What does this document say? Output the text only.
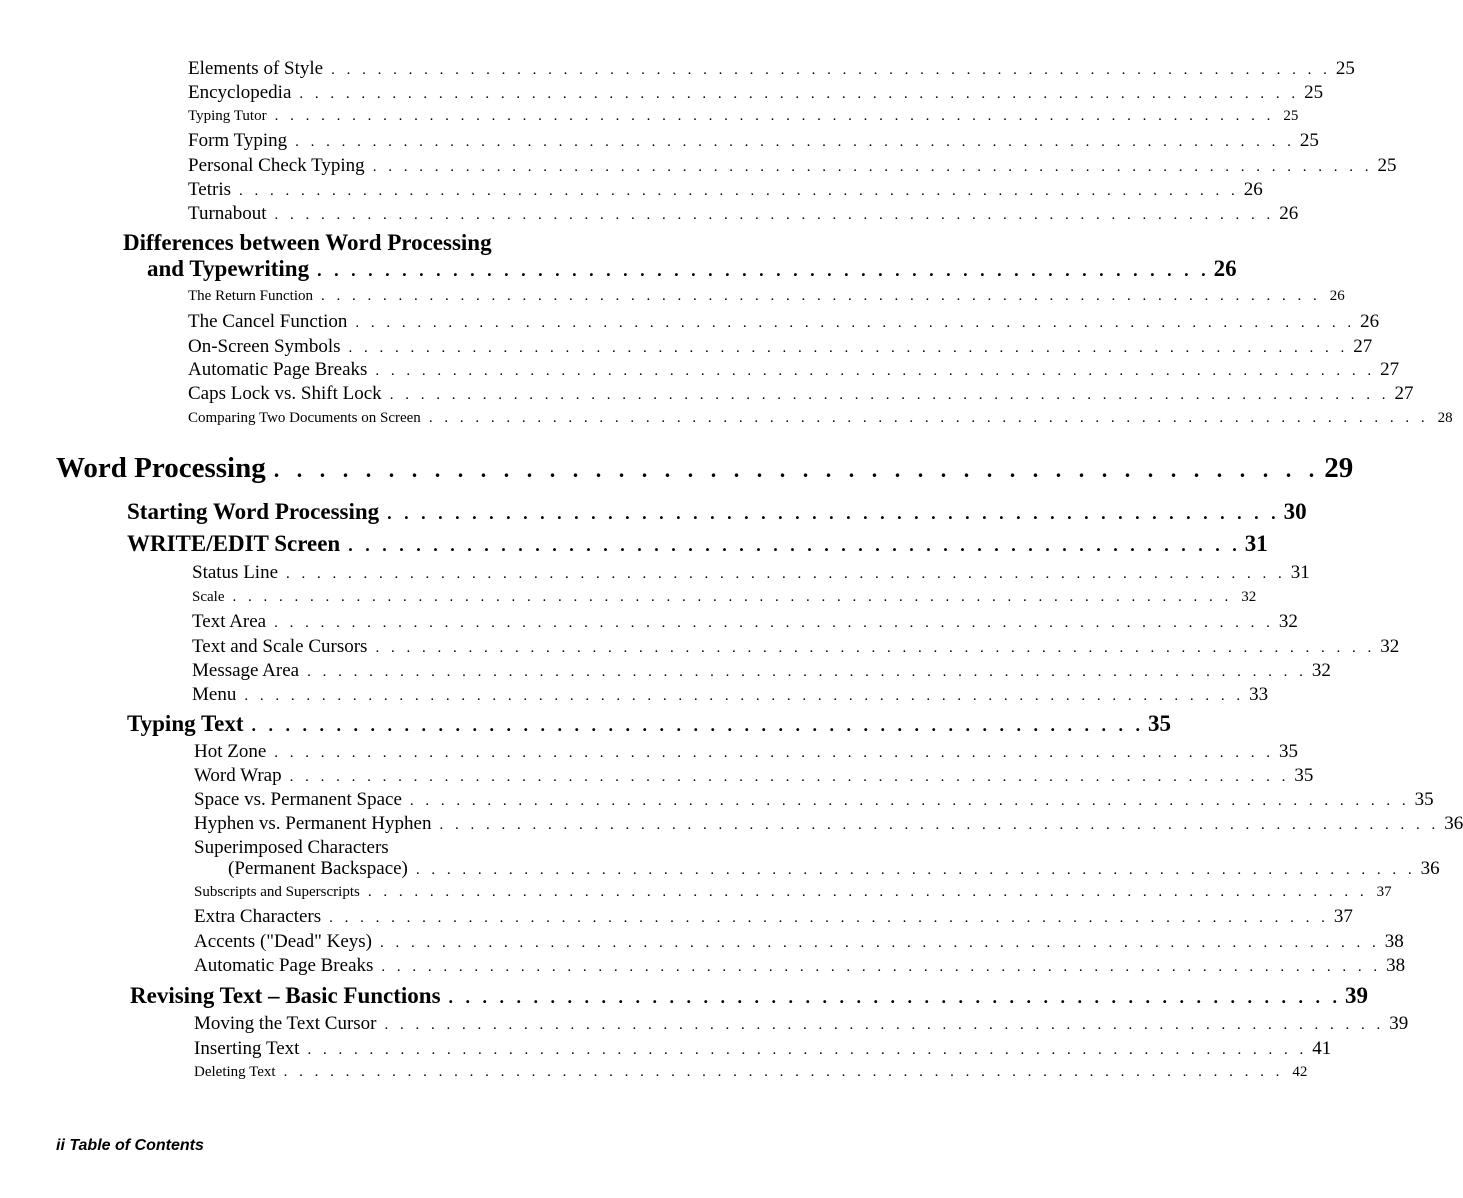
Elements of Style . . . . . . . . . . . . . . . . . . . . . . . . . . . . . . . . . . . . . . . . . . . . . . . . . . . . . . . . . . . . . . . . . 25
Encyclopedia . . . . . . . . . . . . . . . . . . . . . . . . . . . . . . . . . . . . . . . . . . . . . . . . . . . . . . . . . . . . . . . . . 25
Typing Tutor . . . . . . . . . . . . . . . . . . . . . . . . . . . . . . . . . . . . . . . . . . . . . . . . . . . . . . . . . . . . . . . . . 25
Form Typing . . . . . . . . . . . . . . . . . . . . . . . . . . . . . . . . . . . . . . . . . . . . . . . . . . . . . . . . . . . . . . . . . 25
Personal Check Typing . . . . . . . . . . . . . . . . . . . . . . . . . . . . . . . . . . . . . . . . . . . . . . . . . . . . . . . . . . . . . . . . . 25
Tetris . . . . . . . . . . . . . . . . . . . . . . . . . . . . . . . . . . . . . . . . . . . . . . . . . . . . . . . . . . . . . . . . . 26
Turnabout . . . . . . . . . . . . . . . . . . . . . . . . . . . . . . . . . . . . . . . . . . . . . . . . . . . . . . . . . . . . . . . . . 26
Differences between Word Processing
and Typewriting . . . . . . . . . . . . . . . . . . . . . . . . . . . . . . . . . . . . . . . . . . . . . . . . . . . . . 26
The Return Function . . . . . . . . . . . . . . . . . . . . . . . . . . . . . . . . . . . . . . . . . . . . . . . . . . . . . . . . . . . . . . . . . 26
The Cancel Function . . . . . . . . . . . . . . . . . . . . . . . . . . . . . . . . . . . . . . . . . . . . . . . . . . . . . . . . . . . . . . . . . 26
On-Screen Symbols . . . . . . . . . . . . . . . . . . . . . . . . . . . . . . . . . . . . . . . . . . . . . . . . . . . . . . . . . . . . . . . . . 27
Automatic Page Breaks . . . . . . . . . . . . . . . . . . . . . . . . . . . . . . . . . . . . . . . . . . . . . . . . . . . . . . . . . . . . . . . . . 27
Caps Lock vs. Shift Lock . . . . . . . . . . . . . . . . . . . . . . . . . . . . . . . . . . . . . . . . . . . . . . . . . . . . . . . . . . . . . . . . . 27
Comparing Two Documents on Screen . . . . . . . . . . . . . . . . . . . . . . . . . . . . . . . . . . . . . . . . . . . . . . . . . . . . . . . . . . . . . . . . . 28
Word Processing . . . . . . . . . . . . . . . . . . . . . . . . . . . . . . . . . . . . . . . . . . . . . . 29
Starting Word Processing . . . . . . . . . . . . . . . . . . . . . . . . . . . . . . . . . . . . . . . . . . . . . . . . . . . . . 30
WRITE/EDIT Screen . . . . . . . . . . . . . . . . . . . . . . . . . . . . . . . . . . . . . . . . . . . . . . . . . . . . . 31
Status Line . . . . . . . . . . . . . . . . . . . . . . . . . . . . . . . . . . . . . . . . . . . . . . . . . . . . . . . . . . . . . . . . . 31
Scale . . . . . . . . . . . . . . . . . . . . . . . . . . . . . . . . . . . . . . . . . . . . . . . . . . . . . . . . . . . . . . . . . 32
Text Area . . . . . . . . . . . . . . . . . . . . . . . . . . . . . . . . . . . . . . . . . . . . . . . . . . . . . . . . . . . . . . . . . 32
Text and Scale Cursors . . . . . . . . . . . . . . . . . . . . . . . . . . . . . . . . . . . . . . . . . . . . . . . . . . . . . . . . . . . . . . . . . 32
Message Area . . . . . . . . . . . . . . . . . . . . . . . . . . . . . . . . . . . . . . . . . . . . . . . . . . . . . . . . . . . . . . . . . 32
Menu . . . . . . . . . . . . . . . . . . . . . . . . . . . . . . . . . . . . . . . . . . . . . . . . . . . . . . . . . . . . . . . . . 33
Typing Text . . . . . . . . . . . . . . . . . . . . . . . . . . . . . . . . . . . . . . . . . . . . . . . . . . . . . 35
Hot Zone . . . . . . . . . . . . . . . . . . . . . . . . . . . . . . . . . . . . . . . . . . . . . . . . . . . . . . . . . . . . . . . . . 35
Word Wrap . . . . . . . . . . . . . . . . . . . . . . . . . . . . . . . . . . . . . . . . . . . . . . . . . . . . . . . . . . . . . . . . . 35
Space vs. Permanent Space . . . . . . . . . . . . . . . . . . . . . . . . . . . . . . . . . . . . . . . . . . . . . . . . . . . . . . . . . . . . . . . . . 35
Hyphen vs. Permanent Hyphen . . . . . . . . . . . . . . . . . . . . . . . . . . . . . . . . . . . . . . . . . . . . . . . . . . . . . . . . . . . . . . . . . 36
Superimposed Characters
(Permanent Backspace) . . . . . . . . . . . . . . . . . . . . . . . . . . . . . . . . . . . . . . . . . . . . . . . . . . . . . . . . . . . . . . . . . 36
Subscripts and Superscripts . . . . . . . . . . . . . . . . . . . . . . . . . . . . . . . . . . . . . . . . . . . . . . . . . . . . . . . . . . . . . . . . . 37
Extra Characters . . . . . . . . . . . . . . . . . . . . . . . . . . . . . . . . . . . . . . . . . . . . . . . . . . . . . . . . . . . . . . . . . 37
Accents ("Dead" Keys) . . . . . . . . . . . . . . . . . . . . . . . . . . . . . . . . . . . . . . . . . . . . . . . . . . . . . . . . . . . . . . . . . 38
Automatic Page Breaks . . . . . . . . . . . . . . . . . . . . . . . . . . . . . . . . . . . . . . . . . . . . . . . . . . . . . . . . . . . . . . . . . 38
Revising Text – Basic Functions . . . . . . . . . . . . . . . . . . . . . . . . . . . . . . . . . . . . . . . . . . . . . . . . . . . . . 39
Moving the Text Cursor . . . . . . . . . . . . . . . . . . . . . . . . . . . . . . . . . . . . . . . . . . . . . . . . . . . . . . . . . . . . . . . . . 39
Inserting Text . . . . . . . . . . . . . . . . . . . . . . . . . . . . . . . . . . . . . . . . . . . . . . . . . . . . . . . . . . . . . . . . . 41
Deleting Text . . . . . . . . . . . . . . . . . . . . . . . . . . . . . . . . . . . . . . . . . . . . . . . . . . . . . . . . . . . . . . . . . 42
ii Table of Contents
